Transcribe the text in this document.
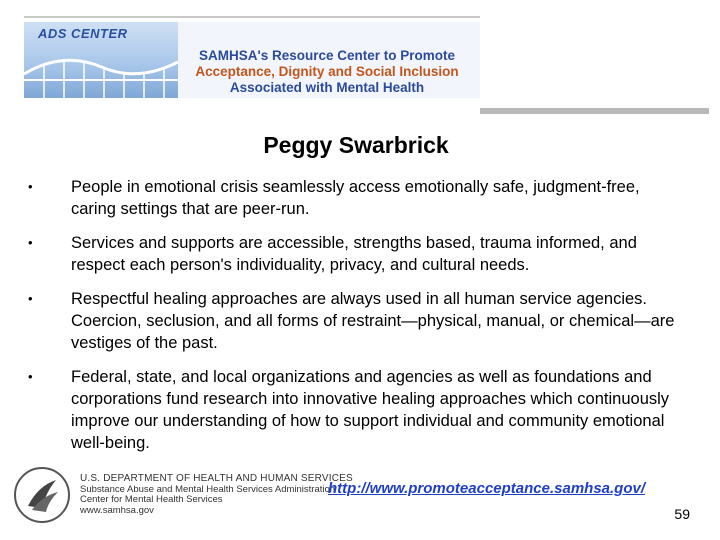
ADS CENTER
SAMHSA's Resource Center to Promote
Acceptance, Dignity and Social Inclusion
Associated with Mental Health
Peggy Swarbrick
• People in emotional crisis seamlessly access emotionally safe, judgment-free, caring settings that are peer-run.
• Services and supports are accessible, strengths based, trauma informed, and respect each person's individuality, privacy, and cultural needs.
• Respectful healing approaches are always used in all human service agencies. Coercion, seclusion, and all forms of restraint—physical, manual, or chemical—are vestiges of the past.
• Federal, state, and local organizations and agencies as well as foundations and corporations fund research into innovative healing approaches which continuously improve our understanding of how to support individual and community emotional well-being.
U.S. DEPARTMENT OF HEALTH AND HUMAN SERVICES
Substance Abuse and Mental Health Services Administration
Center for Mental Health Services
www.samhsa.gov
http://www.promoteacceptance.samhsa.gov/
59
